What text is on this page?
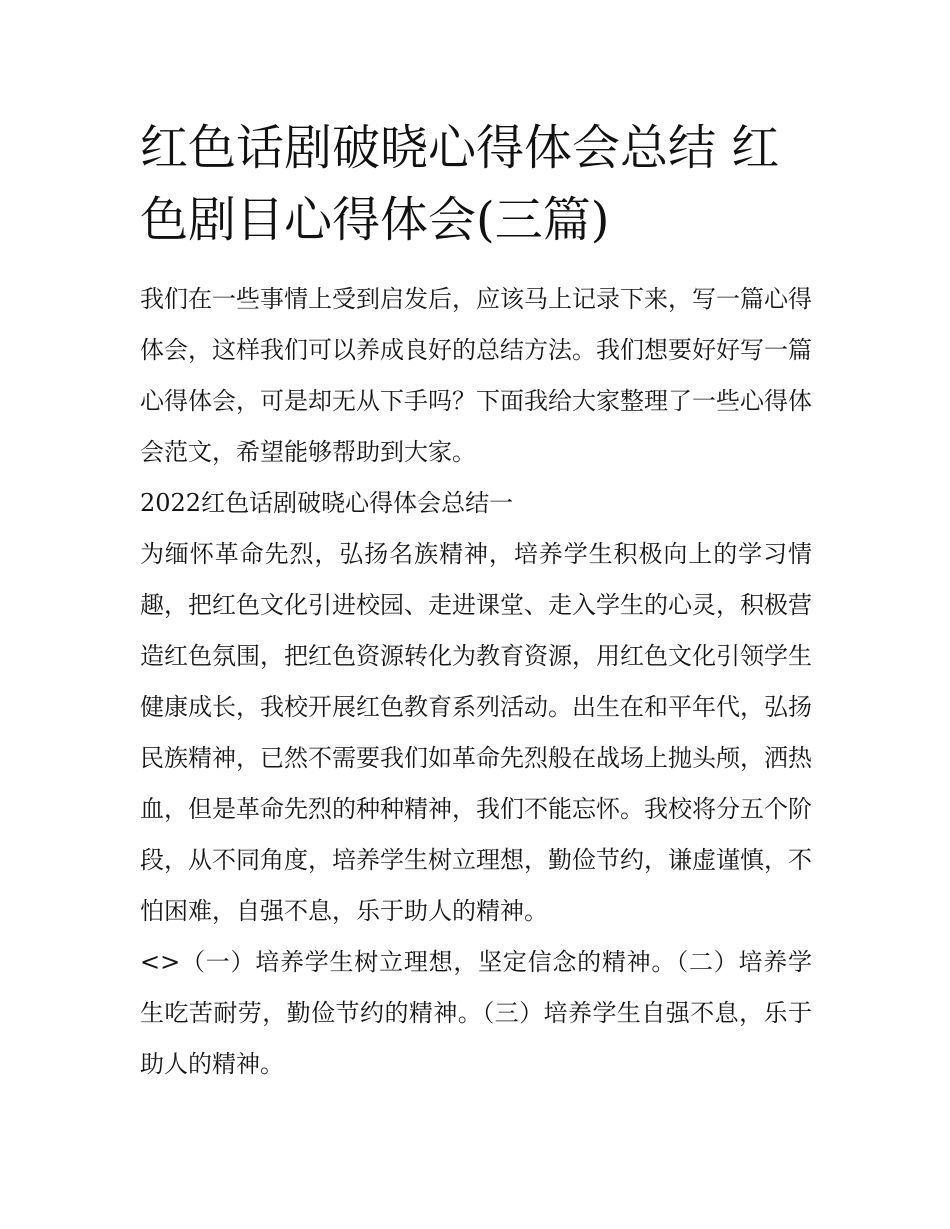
红色话剧破晓心得体会总结 红色剧目心得体会(三篇)

我们在一些事情上受到启发后，应该马上记录下来，写一篇心得体会，这样我们可以养成良好的总结方法。我们想要好好写一篇心得体会，可是却无从下手吗？下面我给大家整理了一些心得体会范文，希望能够帮助到大家。

2022红色话剧破晓心得体会总结一

为缅怀革命先烈，弘扬名族精神，培养学生积极向上的学习情趣，把红色文化引进校园、走进课堂、走入学生的心灵，积极营造红色氛围，把红色资源转化为教育资源，用红色文化引领学生健康成长，我校开展红色教育系列活动。出生在和平年代，弘扬民族精神，已然不需要我们如革命先烈般在战场上抛头颅，洒热血，但是革命先烈的种种精神，我们不能忘怀。我校将分五个阶段，从不同角度，培养学生树立理想，勤俭节约，谦虚谨慎，不怕困难，自强不息，乐于助人的精神。

<>（一）培养学生树立理想，坚定信念的精神。（二）培养学生吃苦耐劳，勤俭节约的精神。（三）培养学生自强不息，乐于助人的精神。
